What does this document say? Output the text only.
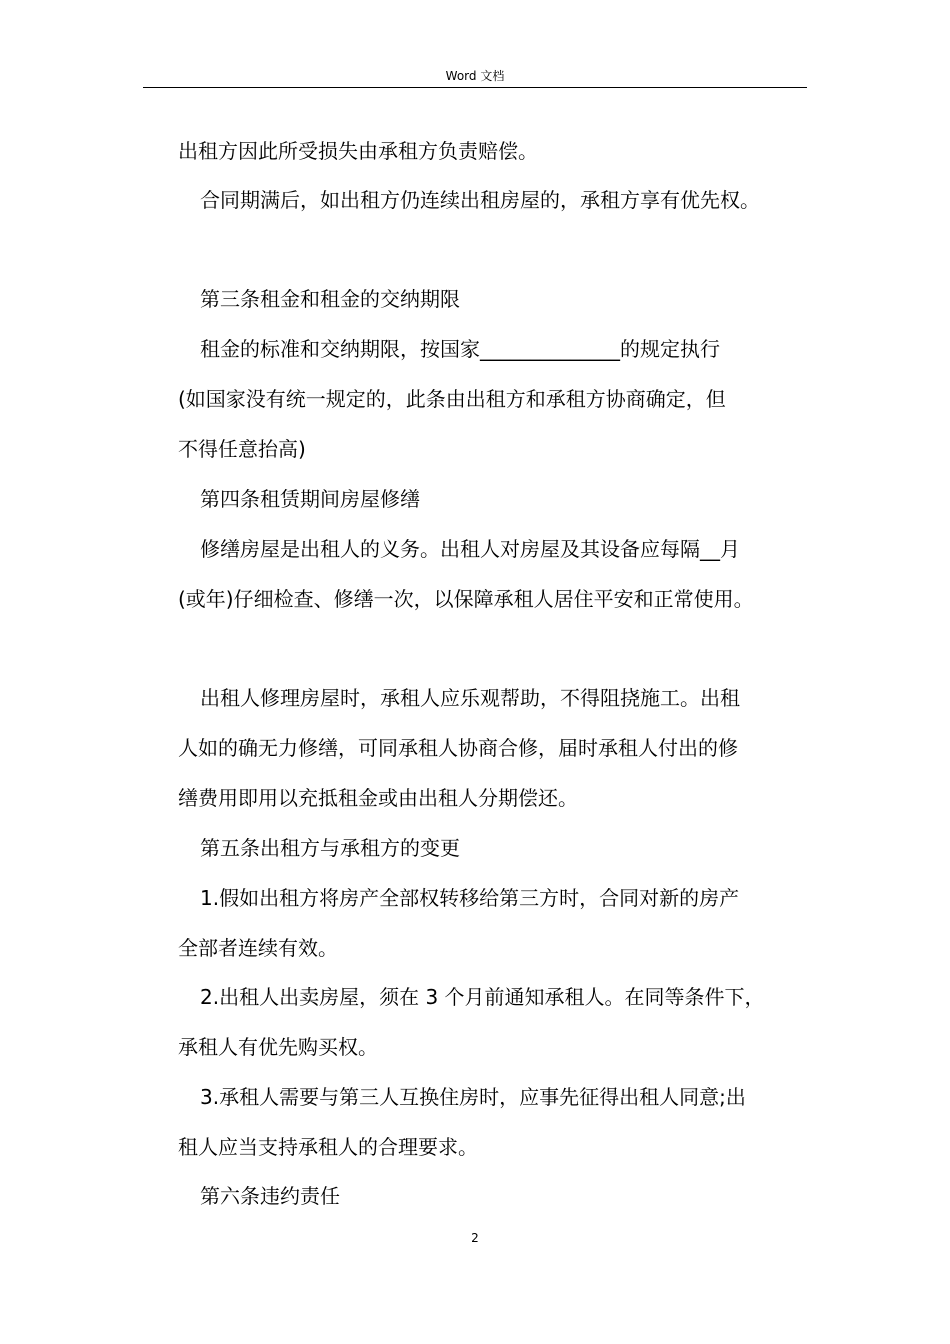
Word 文档
出租方因此所受损失由承租方负责赔偿。
合同期满后，如出租方仍连续出租房屋的，承租方享有优先权。
第三条租金和租金的交纳期限
租金的标准和交纳期限，按国家______________的规定执行
(如国家没有统一规定的，此条由出租方和承租方协商确定，但
不得任意抬高)
第四条租赁期间房屋修缮
修缮房屋是出租人的义务。出租人对房屋及其设备应每隔__月
(或年)仔细检查、修缮一次，以保障承租人居住平安和正常使用。
出租人修理房屋时，承租人应乐观帮助，不得阻挠施工。出租
人如的确无力修缮，可同承租人协商合修，届时承租人付出的修
缮费用即用以充抵租金或由出租人分期偿还。
第五条出租方与承租方的变更
1.假如出租方将房产全部权转移给第三方时，合同对新的房产
全部者连续有效。
2.出租人出卖房屋，须在 3 个月前通知承租人。在同等条件下，
承租人有优先购买权。
3.承租人需要与第三人互换住房时，应事先征得出租人同意;出
租人应当支持承租人的合理要求。
第六条违约责任
2
